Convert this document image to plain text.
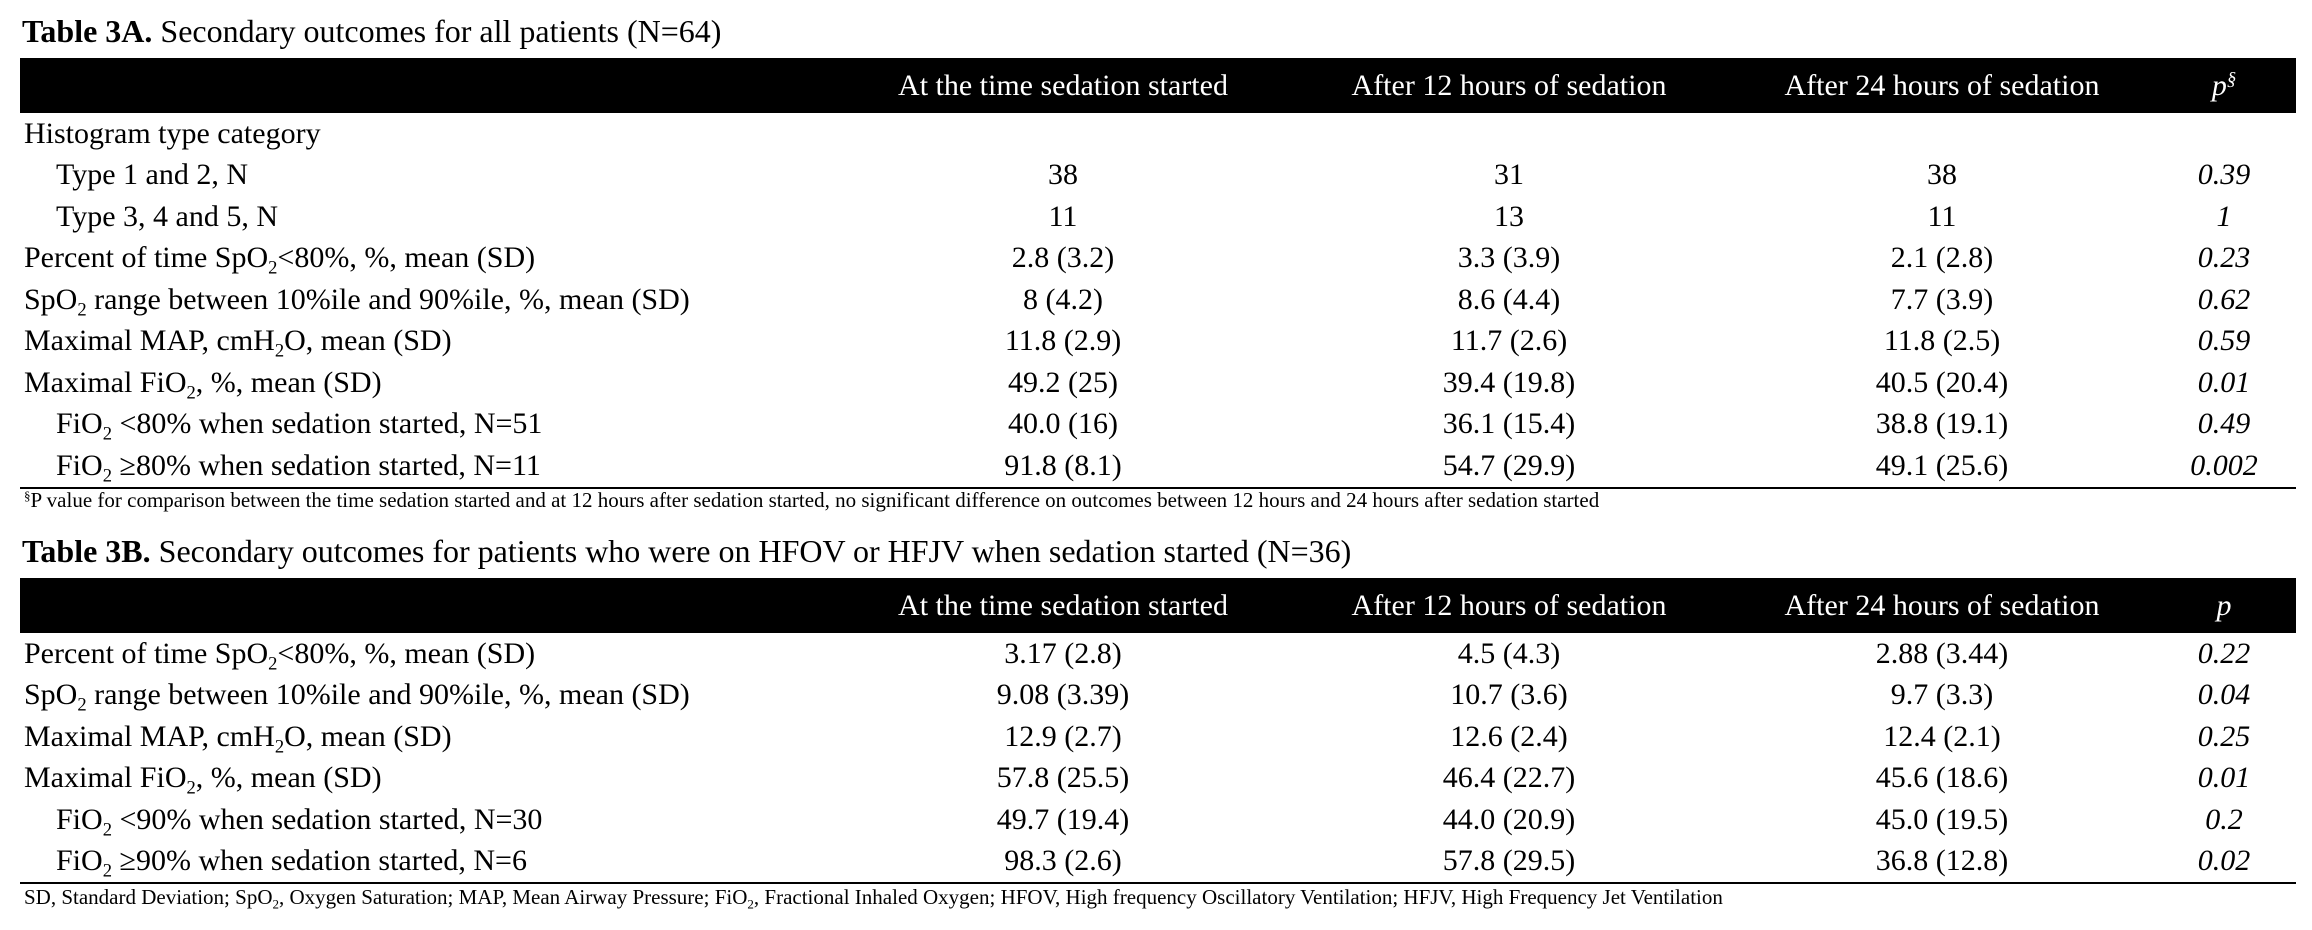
Table 3A. Secondary outcomes for all patients (N=64)
	At the time sedation started	After 12 hours of sedation	After 24 hours of sedation	p§
Histogram type category				
Type 1 and 2, N	38	31	38	0.39
Type 3, 4 and 5, N	11	13	11	1
Percent of time SpO$_2$<80%, %, mean (SD)	2.8 (3.2)	3.3 (3.9)	2.1 (2.8)	0.23
SpO$_2$ range between 10%ile and 90%ile, %, mean (SD)	8 (4.2)	8.6 (4.4)	7.7 (3.9)	0.62
Maximal MAP, cmH$_2$O, mean (SD)	11.8 (2.9)	11.7 (2.6)	11.8 (2.5)	0.59
Maximal FiO$_2$, %, mean (SD)	49.2 (25)	39.4 (19.8)	40.5 (20.4)	0.01
FiO$_2$ <80% when sedation started, N=51	40.0 (16)	36.1 (15.4)	38.8 (19.1)	0.49
FiO$_2$ ≥80% when sedation started, N=11	91.8 (8.1)	54.7 (29.9)	49.1 (25.6)	0.002
§P value for comparison between the time sedation started and at 12 hours after sedation started, no significant difference on outcomes between 12 hours and 24 hours after sedation started
Table 3B. Secondary outcomes for patients who were on HFOV or HFJV when sedation started (N=36)
	At the time sedation started	After 12 hours of sedation	After 24 hours of sedation	p
Percent of time SpO$_2$<80%, %, mean (SD)	3.17 (2.8)	4.5 (4.3)	2.88 (3.44)	0.22
SpO$_2$ range between 10%ile and 90%ile, %, mean (SD)	9.08 (3.39)	10.7 (3.6)	9.7 (3.3)	0.04
Maximal MAP, cmH$_2$O, mean (SD)	12.9 (2.7)	12.6 (2.4)	12.4 (2.1)	0.25
Maximal FiO$_2$, %, mean (SD)	57.8 (25.5)	46.4 (22.7)	45.6 (18.6)	0.01
FiO$_2$ <90% when sedation started, N=30	49.7 (19.4)	44.0 (20.9)	45.0 (19.5)	0.2
FiO$_2$ ≥90% when sedation started, N=6	98.3 (2.6)	57.8 (29.5)	36.8 (12.8)	0.02
SD, Standard Deviation; SpO$_2$, Oxygen Saturation; MAP, Mean Airway Pressure; FiO$_2$, Fractional Inhaled Oxygen; HFOV, High frequency Oscillatory Ventilation; HFJV, High Frequency Jet Ventilation
